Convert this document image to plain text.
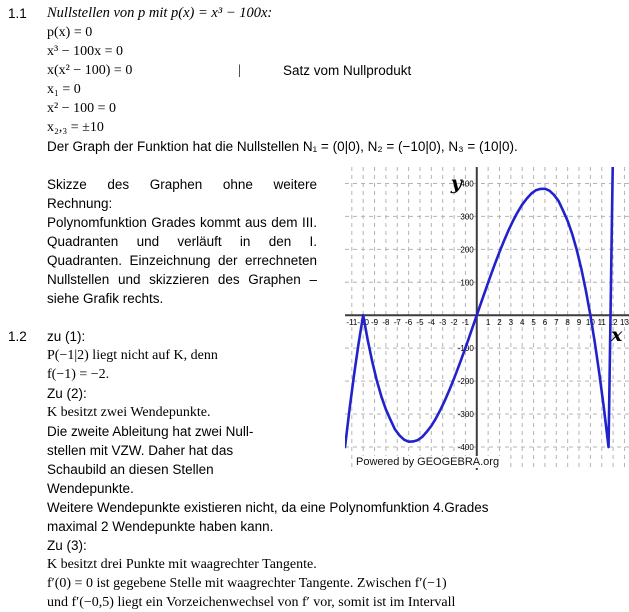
1.1 Nullstellen von p mit p(x) = x³ − 100x:
p(x) = 0
x³ − 100x = 0
x(x² − 100) = 0	|	Satz vom Nullprodukt
x₁ = 0
x² − 100 = 0
x₂,₃ = ±10
Der Graph der Funktion hat die Nullstellen N₁ = (0|0), N₂ = (−10|0), N₃ = (10|0).
Skizze des Graphen ohne weitere Rechnung:
Polynomfunktion Grades kommt aus dem III. Quadranten und verläuft in den I. Quadranten. Einzeichnung der errechneten Nullstellen und skizzieren des Graphen – siehe Grafik rechts.
1.2 zu (1):
P(−1|2) liegt nicht auf K, denn
f(−1) = −2.
Zu (2):
K besitzt zwei Wendepunkte.
Die zweite Ableitung hat zwei Null-
stellen mit VZW. Daher hat das
Schaubild an diesen Stellen
Wendepunkte.
Weitere Wendepunkte existieren nicht, da eine Polynomfunktion 4.Grades
maximal 2 Wendepunkte haben kann.
Zu (3):
K besitzt drei Punkte mit waagrechter Tangente.
f′(0) = 0 ist gegebene Stelle mit waagrechter Tangente. Zwischen f′(−1)
und f′(−0,5) liegt ein Vorzeichenwechsel von f′ vor, somit ist im Intervall
-11 -10 -9 -8 -7 -6 -5 -4 -3 -2 -1 1 2 3 4 5 6 7 8 9 10 11 12 13
400
300
200
100
-100
-200
-300
-400
y
x
Powered by GEOGEBRA.org
